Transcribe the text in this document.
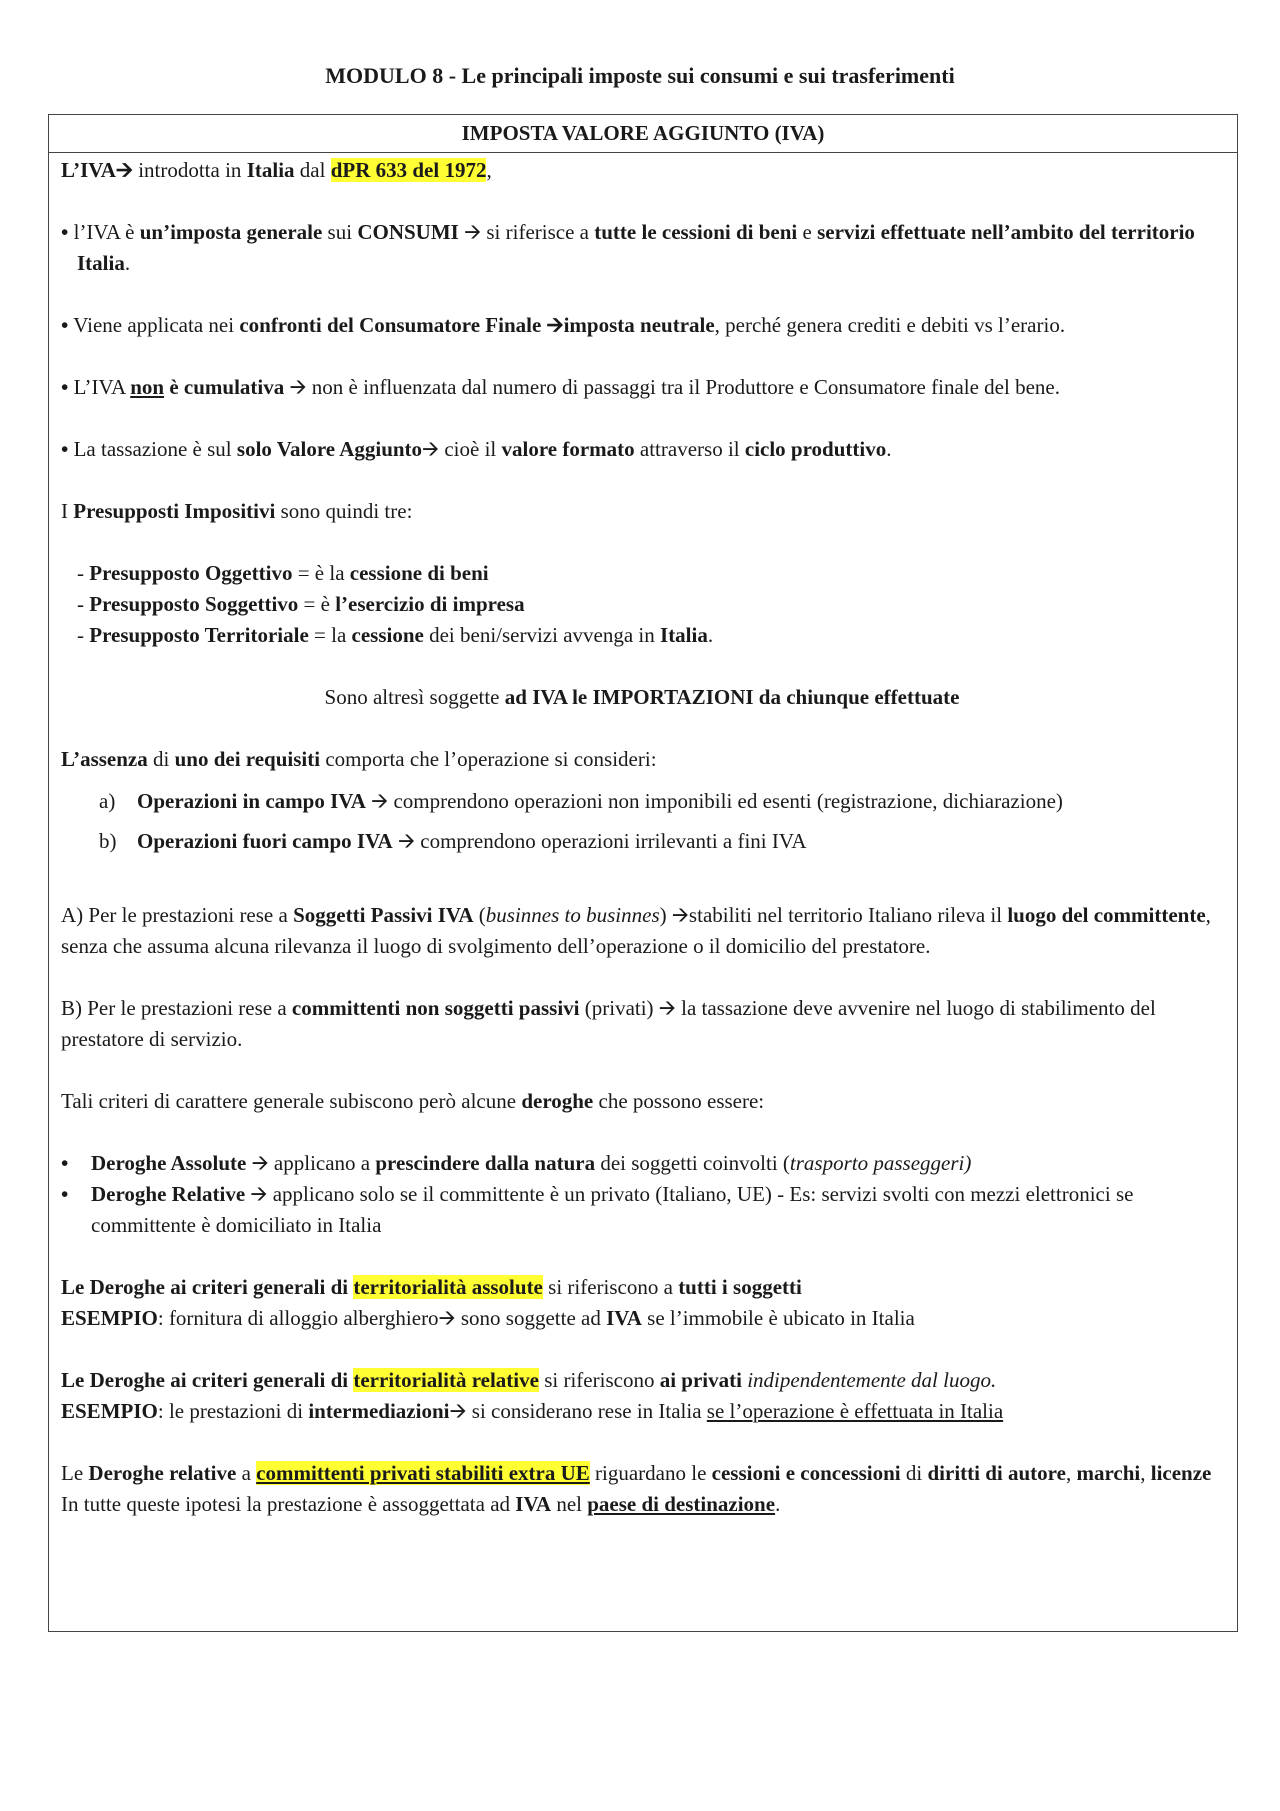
MODULO 8 - Le principali imposte sui consumi e sui trasferimenti
IMPOSTA VALORE AGGIUNTO (IVA)
L’IVA🡪 introdotta in Italia dal dPR 633 del 1972,
• l’IVA è un’imposta generale sui CONSUMI 🡪 si riferisce a tutte le cessioni di beni e servizi effettuate nell’ambito del territorio Italia.
• Viene applicata nei confronti del Consumatore Finale 🡪imposta neutrale, perché genera crediti e debiti vs l’erario.
• L’IVA non è cumulativa 🡪 non è influenzata dal numero di passaggi tra il Produttore e Consumatore finale del bene.
• La tassazione è sul solo Valore Aggiunto🡪 cioè il valore formato attraverso il ciclo produttivo.
I Presupposti Impositivi sono quindi tre:
- Presupposto Oggettivo = è la cessione di beni
- Presupposto Soggettivo = è l’esercizio di impresa
- Presupposto Territoriale = la cessione dei beni/servizi avvenga in Italia.
Sono altresì soggette ad IVA le IMPORTAZIONI da chiunque effettuate
L’assenza di uno dei requisiti comporta che l’operazione si consideri:
a)	Operazioni in campo IVA 🡪 comprendono operazioni non imponibili ed esenti (registrazione, dichiarazione)
b) Operazioni fuori campo IVA 🡪 comprendono operazioni irrilevanti a fini IVA
A) Per le prestazioni rese a Soggetti Passivi IVA (businnes to businnes) 🡪stabiliti nel territorio Italiano rileva il luogo del committente, senza che assuma alcuna rilevanza il luogo di svolgimento dell’operazione o il domicilio del prestatore.
B) Per le prestazioni rese a committenti non soggetti passivi (privati) 🡪 la tassazione deve avvenire nel luogo di stabilimento del prestatore di servizio.
Tali criteri di carattere generale subiscono però alcune deroghe che possono essere:
•	Deroghe Assolute 🡪 applicano a prescindere dalla natura dei soggetti coinvolti (trasporto passeggeri)
•	Deroghe Relative 🡪 applicano solo se il committente è un privato (Italiano, UE) - Es: servizi svolti con mezzi elettronici se committente è domiciliato in Italia
Le Deroghe ai criteri generali di territorialità assolute si riferiscono a tutti i soggetti
ESEMPIO: fornitura di alloggio alberghiero🡪 sono soggette ad IVA se l’immobile è ubicato in Italia
Le Deroghe ai criteri generali di territorialità relative si riferiscono ai privati indipendentemente dal luogo.
ESEMPIO: le prestazioni di intermediazioni🡪 si considerano rese in Italia se l’operazione è effettuata in Italia
Le Deroghe relative a committenti privati stabiliti extra UE riguardano le cessioni e concessioni di diritti di autore, marchi, licenze
In tutte queste ipotesi la prestazione è assoggettata ad IVA nel paese di destinazione.
